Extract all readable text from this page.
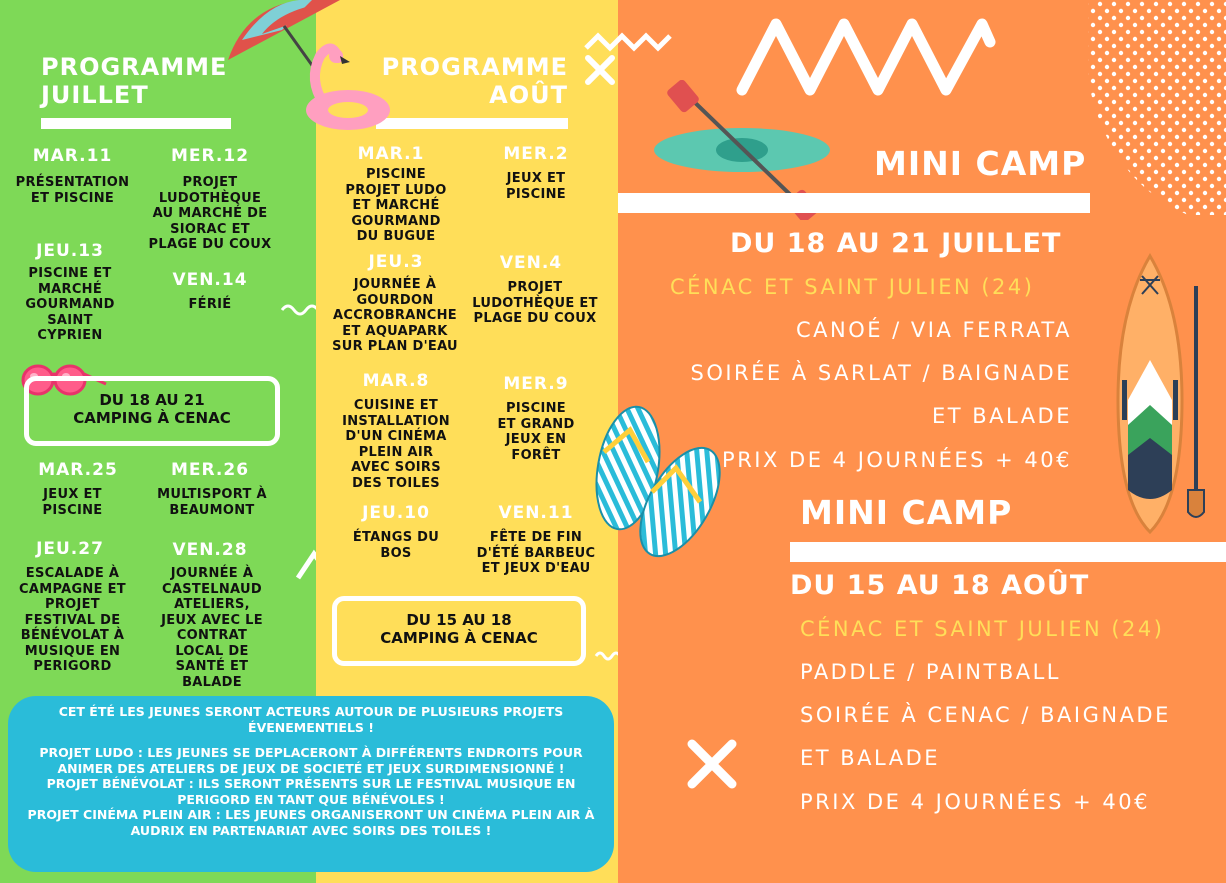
PROGRAMME
JUILLET
MAR.11
PRÉSENTATION
ET PISCINE
MER.12
PROJET
LUDOTHÈQUE
AU MARCHÉ DE
SIORAC ET
PLAGE DU COUX
JEU.13
PISCINE ET
MARCHÉ
GOURMAND
SAINT
CYPRIEN
VEN.14
FÉRIÉ
DU 18 AU 21
CAMPING À CENAC
MAR.25
JEUX ET
PISCINE
MER.26
MULTISPORT À
BEAUMONT
JEU.27
ESCALADE À
CAMPAGNE ET
PROJET
FESTIVAL DE
BÉNÉVOLAT À
MUSIQUE EN
PERIGORD
VEN.28
JOURNÉE À
CASTELNAUD
ATELIERS,
JEUX AVEC LE
CONTRAT
LOCAL DE
SANTÉ ET
BALADE
PROGRAMME
AOÛT
MAR.1
PISCINE
PROJET LUDO
ET MARCHÉ
GOURMAND
DU BUGUE
MER.2
JEUX ET
PISCINE
JEU.3
JOURNÉE À
GOURDON
ACCROBRANCHE
ET AQUAPARK
SUR PLAN D'EAU
VEN.4
PROJET
LUDOTHÈQUE ET
PLAGE DU COUX
MAR.8
CUISINE ET
INSTALLATION
D'UN CINÉMA
PLEIN AIR
AVEC SOIRS
DES TOILES
MER.9
PISCINE
ET GRAND
JEUX EN
FORÊT
JEU.10
ÉTANGS DU
BOS
VEN.11
FÊTE DE FIN
D'ÉTÉ BARBEUC
ET JEUX D'EAU
DU 15 AU 18
CAMPING À CENAC
MINI CAMP
DU 18 AU 21 JUILLET
CÉNAC ET SAINT JULIEN (24)
CANOÉ / VIA FERRATA
SOIRÉE À SARLAT / BAIGNADE
ET BALADE
PRIX DE 4 JOURNÉES + 40€
MINI CAMP
DU 15 AU 18 AOÛT
CÉNAC ET SAINT JULIEN (24)
PADDLE / PAINTBALL
SOIRÉE À CENAC / BAIGNADE
ET BALADE
PRIX DE 4 JOURNÉES + 40€

CET ÉTÉ LES JEUNES SERONT ACTEURS AUTOUR DE PLUSIEURS PROJETS ÉVENEMENTIELS !

PROJET LUDO : LES JEUNES SE DEPLACERONT À DIFFÉRENTS ENDROITS POUR ANIMER DES ATELIERS DE JEUX DE SOCIETÉ ET JEUX SURDIMENSIONNÉ !

PROJET BÉNÉVOLAT : ILS SERONT PRÉSENTS SUR LE FESTIVAL MUSIQUE EN PERIGORD EN TANT QUE BÉNÉVOLES !

PROJET CINÉMA PLEIN AIR : LES JEUNES ORGANISERONT UN CINÉMA PLEIN AIR À AUDRIX EN PARTENARIAT AVEC SOIRS DES TOILES !
